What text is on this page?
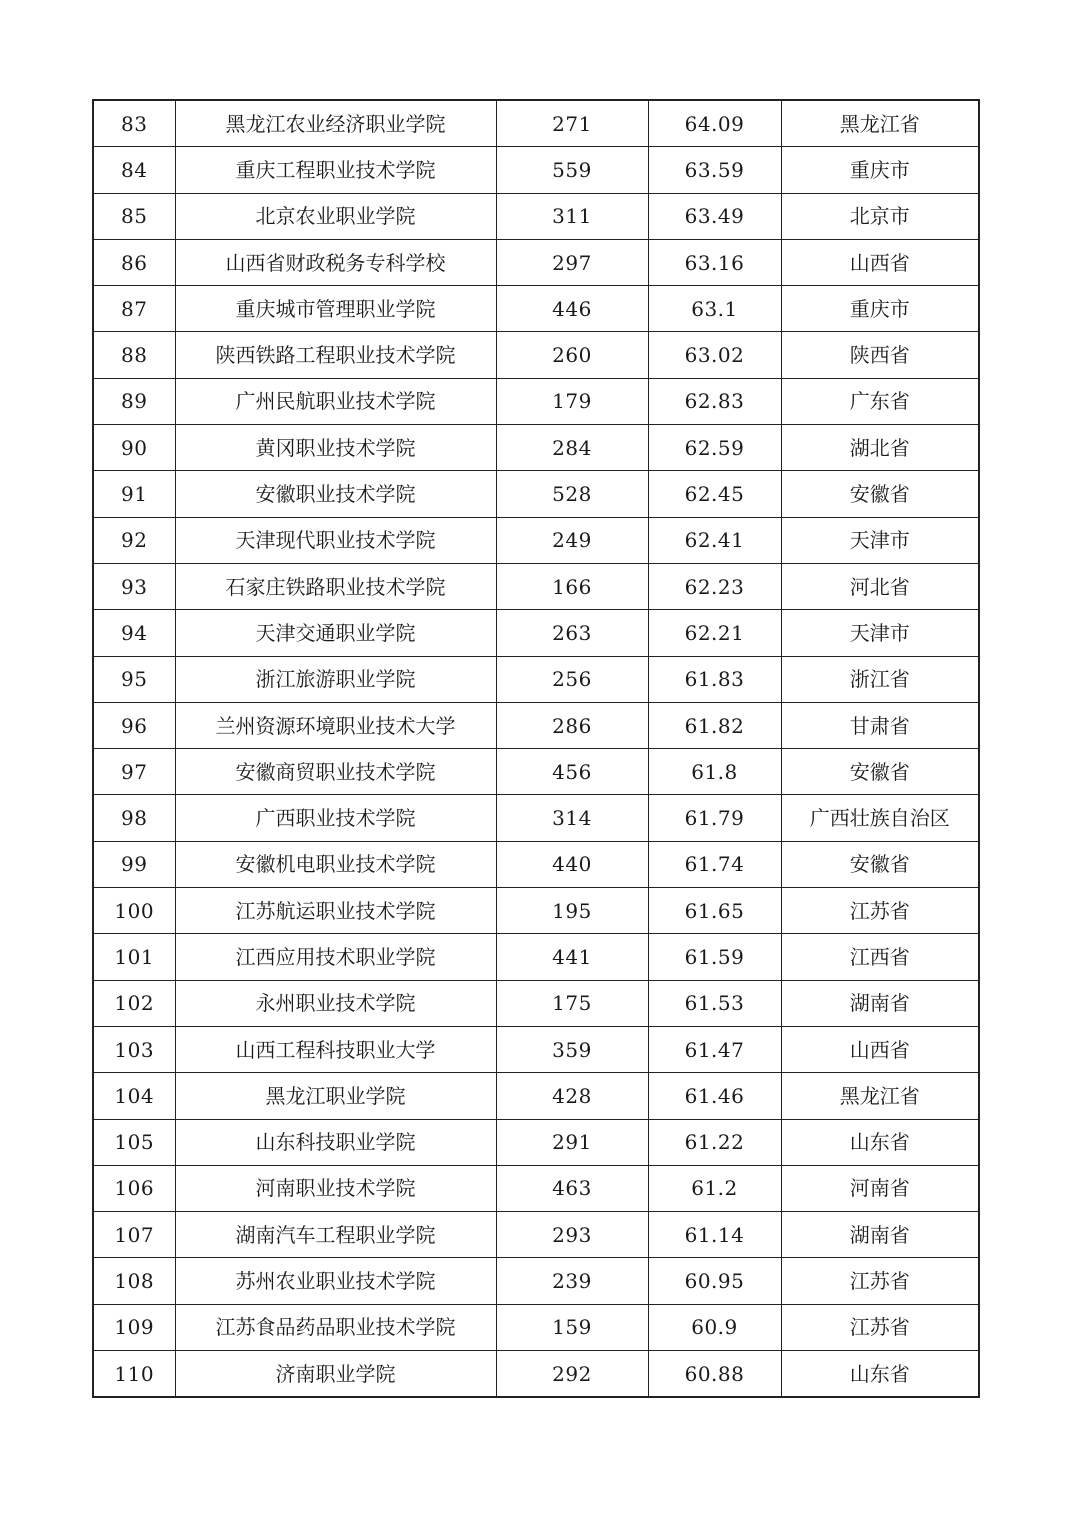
83	黑龙江农业经济职业学院	271	64.09	黑龙江省
84	重庆工程职业技术学院	559	63.59	重庆市
85	北京农业职业学院	311	63.49	北京市
86	山西省财政税务专科学校	297	63.16	山西省
87	重庆城市管理职业学院	446	63.1	重庆市
88	陕西铁路工程职业技术学院	260	63.02	陕西省
89	广州民航职业技术学院	179	62.83	广东省
90	黄冈职业技术学院	284	62.59	湖北省
91	安徽职业技术学院	528	62.45	安徽省
92	天津现代职业技术学院	249	62.41	天津市
93	石家庄铁路职业技术学院	166	62.23	河北省
94	天津交通职业学院	263	62.21	天津市
95	浙江旅游职业学院	256	61.83	浙江省
96	兰州资源环境职业技术大学	286	61.82	甘肃省
97	安徽商贸职业技术学院	456	61.8	安徽省
98	广西职业技术学院	314	61.79	广西壮族自治区
99	安徽机电职业技术学院	440	61.74	安徽省
100	江苏航运职业技术学院	195	61.65	江苏省
101	江西应用技术职业学院	441	61.59	江西省
102	永州职业技术学院	175	61.53	湖南省
103	山西工程科技职业大学	359	61.47	山西省
104	黑龙江职业学院	428	61.46	黑龙江省
105	山东科技职业学院	291	61.22	山东省
106	河南职业技术学院	463	61.2	河南省
107	湖南汽车工程职业学院	293	61.14	湖南省
108	苏州农业职业技术学院	239	60.95	江苏省
109	江苏食品药品职业技术学院	159	60.9	江苏省
110	济南职业学院	292	60.88	山东省
